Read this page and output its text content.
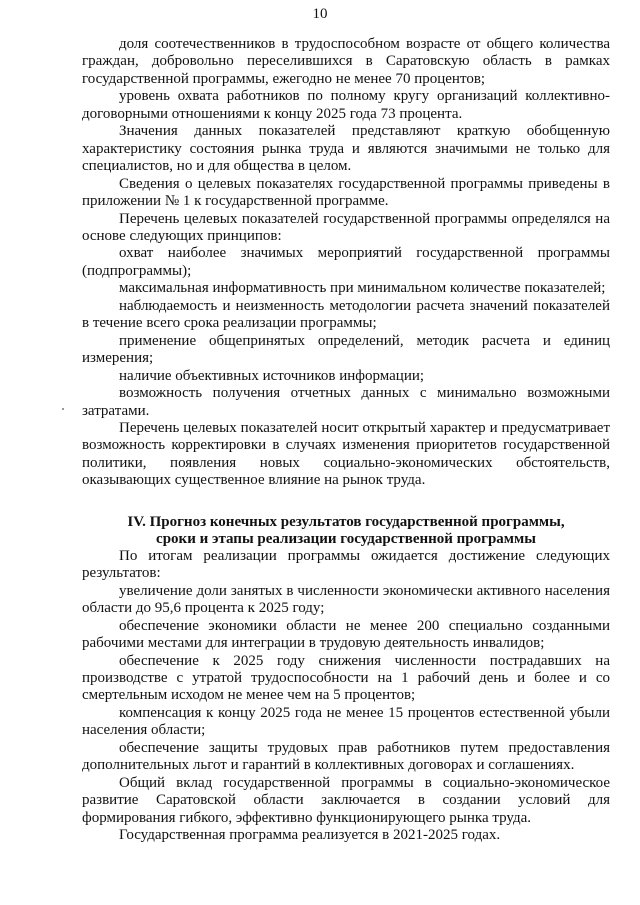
10

доля соотечественников в трудоспособном возрасте от общего количества граждан, добровольно переселившихся в Саратовскую область в рамках государственной программы, ежегодно не менее 70 процентов;

уровень охвата работников по полному кругу организаций коллективно-договорными отношениями к концу 2025 года 73 процента.

Значения данных показателей представляют краткую обобщенную характеристику состояния рынка труда и являются значимыми не только для специалистов, но и для общества в целом.

Сведения о целевых показателях государственной программы приведены в приложении № 1 к государственной программе.

Перечень целевых показателей государственной программы определялся на основе следующих принципов:

охват наиболее значимых мероприятий государственной программы (подпрограммы);

максимальная информативность при минимальном количестве показателей;

наблюдаемость и неизменность методологии расчета значений показателей в течение всего срока реализации программы;

применение общепринятых определений, методик расчета и единиц измерения;

наличие объективных источников информации;

возможность получения отчетных данных с минимально возможными затратами.

Перечень целевых показателей носит открытый характер и предусматривает возможность корректировки в случаях изменения приоритетов государственной политики, появления новых социально-экономических обстоятельств, оказывающих существенное влияние на рынок труда.

IV. Прогноз конечных результатов государственной программы,
сроки и этапы реализации государственной программы

По итогам реализации программы ожидается достижение следующих результатов:

увеличение доли занятых в численности экономически активного населения области до 95,6 процента к 2025 году;

обеспечение экономики области не менее 200 специально созданными рабочими местами для интеграции в трудовую деятельность инвалидов;

обеспечение к 2025 году снижения численности пострадавших на производстве с утратой трудоспособности на 1 рабочий день и более и со смертельным исходом не менее чем на 5 процентов;

компенсация к концу 2025 года не менее 15 процентов естественной убыли населения области;

обеспечение защиты трудовых прав работников путем предоставления дополнительных льгот и гарантий в коллективных договорах и соглашениях.

Общий вклад государственной программы в социально-экономическое развитие Саратовской области заключается в создании условий для формирования гибкого, эффективно функционирующего рынка труда.

Государственная программа реализуется в 2021-2025 годах.
